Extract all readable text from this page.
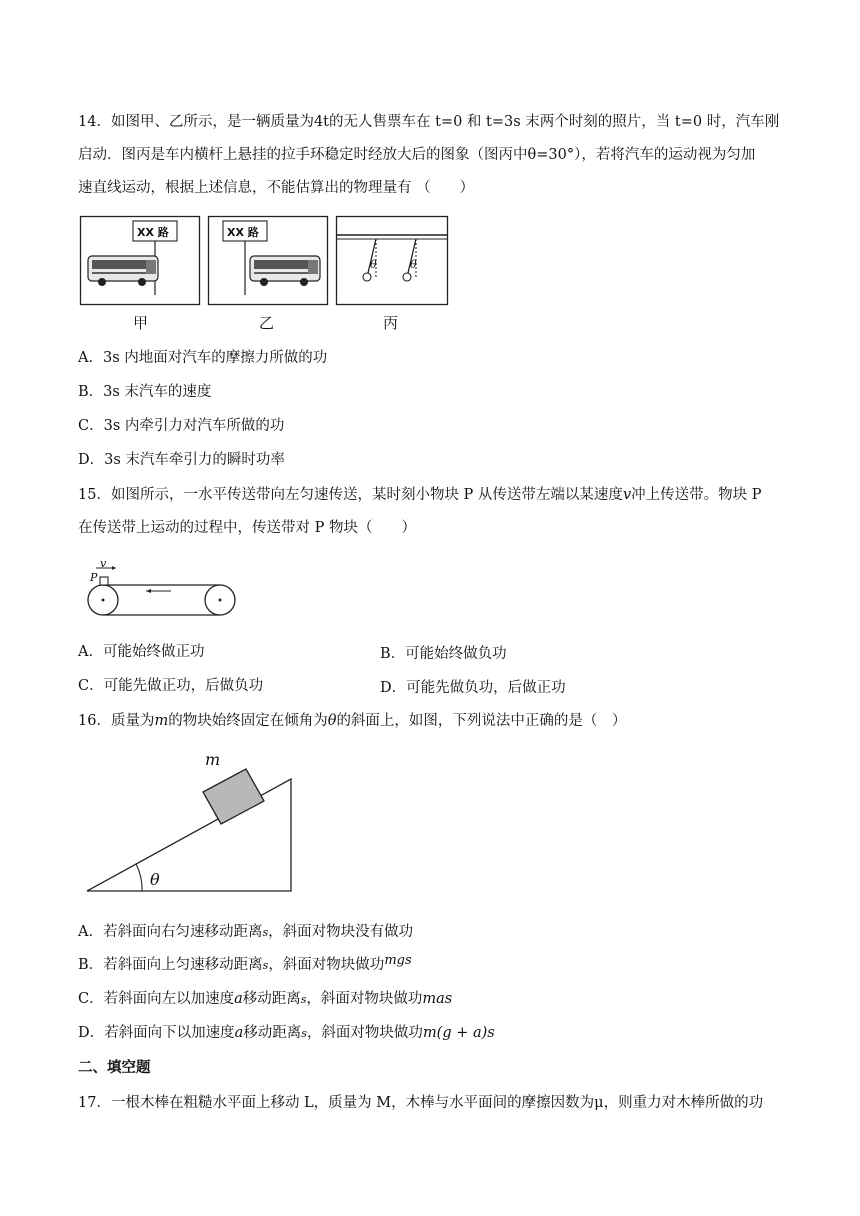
14．如图甲、乙所示，是一辆质量为4t的无人售票车在 t=0 和 t=3s 末两个时刻的照片，当 t=0 时，汽车刚
启动．图丙是车内横杆上悬挂的拉手环稳定时经放大后的图象（图丙中θ=30°），若将汽车的运动视为匀加
速直线运动，根据上述信息，不能估算出的物理量有 （　　）
XX 路	XX 路
θ	θ
甲	乙	丙
A．3s 内地面对汽车的摩擦力所做的功
B．3s 末汽车的速度
C．3s 内牵引力对汽车所做的功
D．3s 末汽车牵引力的瞬时功率
15．如图所示，一水平传送带向左匀速传送，某时刻小物块 P 从传送带左端以某速度v冲上传送带。物块 P
在传送带上运动的过程中，传送带对 P 物块（　　）
v
P
A．可能始终做正功	B．可能始终做负功
C．可能先做正功，后做负功	D．可能先做负功，后做正功
16．质量为m的物块始终固定在倾角为θ的斜面上，如图，下列说法中正确的是（　）
m
θ
A．若斜面向右匀速移动距离s，斜面对物块没有做功
B．若斜面向上匀速移动距离s，斜面对物块做功mgs
C．若斜面向左以加速度a移动距离s，斜面对物块做功mas
D．若斜面向下以加速度a移动距离s，斜面对物块做功m(g + a)s
二、填空题
17．一根木棒在粗糙水平面上移动 L，质量为 M，木棒与水平面间的摩擦因数为μ，则重力对木棒所做的功
